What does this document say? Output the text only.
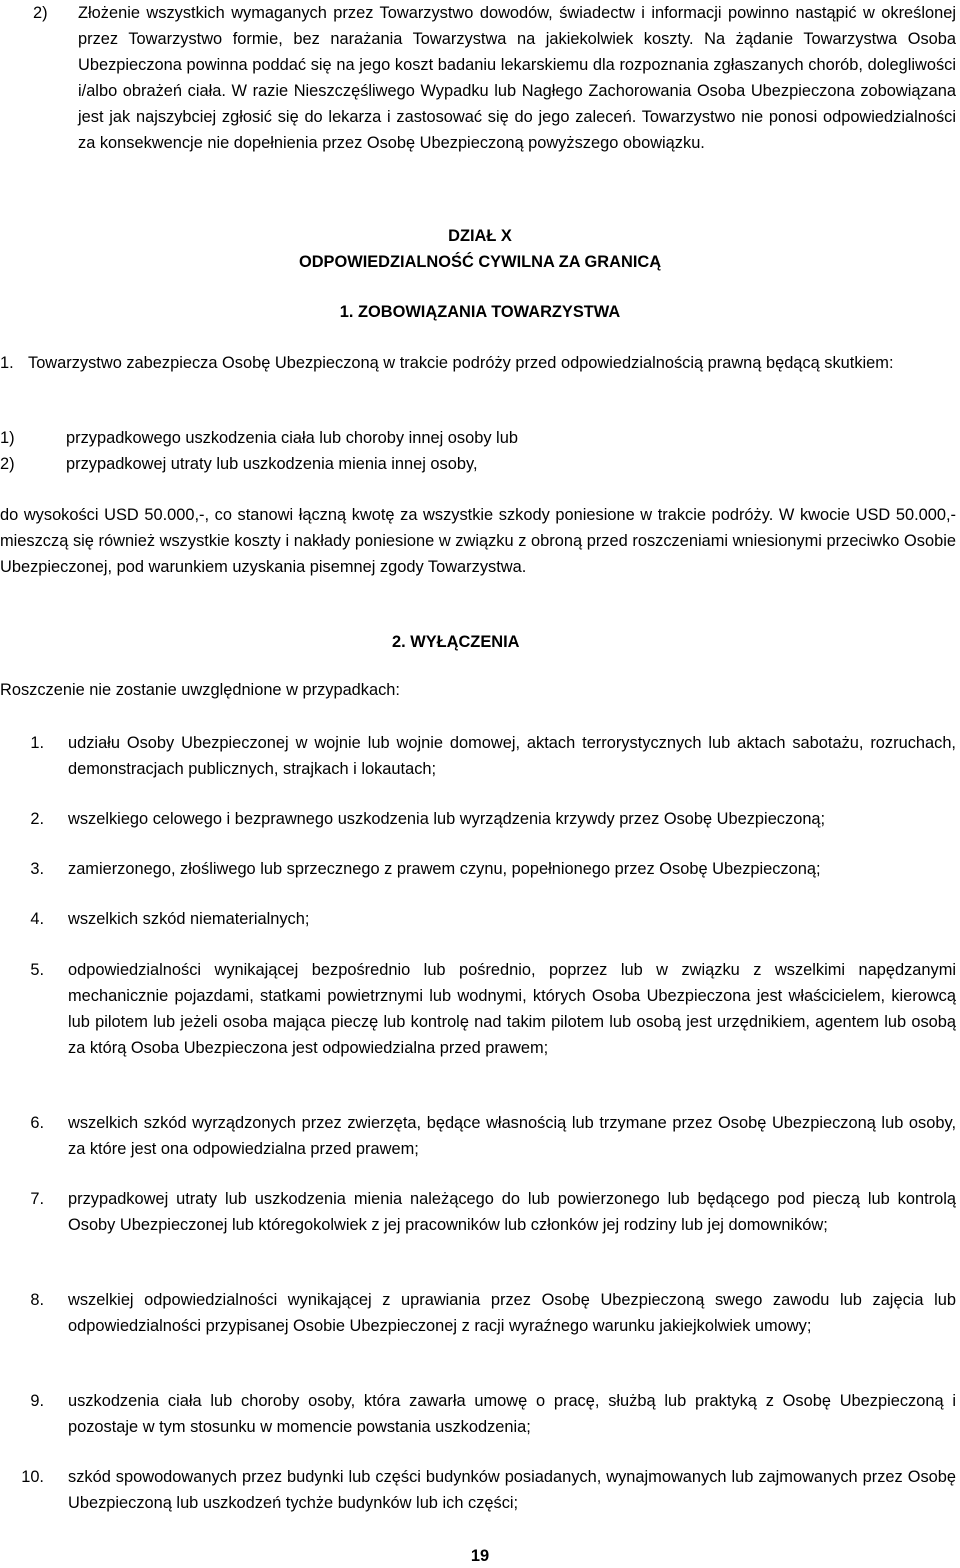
2) Złożenie wszystkich wymaganych przez Towarzystwo dowodów, świadectw i informacji powinno nastąpić w określonej przez Towarzystwo formie, bez narażania Towarzystwa na jakiekolwiek koszty. Na żądanie Towarzystwa Osoba Ubezpieczona powinna poddać się na jego koszt badaniu lekarskiemu dla rozpoznania zgłaszanych chorób, dolegliwości i/albo obrażeń ciała. W razie Nieszczęśliwego Wypadku lub Nagłego Zachorowania Osoba Ubezpieczona zobowiązana jest jak najszybciej zgłosić się do lekarza i zastosować się do jego zaleceń. Towarzystwo nie ponosi odpowiedzialności za konsekwencje nie dopełnienia przez Osobę Ubezpieczoną powyższego obowiązku.
DZIAŁ X
ODPOWIEDZIALNOŚĆ CYWILNA ZA GRANICĄ
1. ZOBOWIĄZANIA TOWARZYSTWA
1. Towarzystwo zabezpiecza Osobę Ubezpieczoną w trakcie podróży przed odpowiedzialnością prawną będącą skutkiem:

1)	przypadkowego uszkodzenia ciała lub choroby innej osoby lub
2)	przypadkowej utraty lub uszkodzenia mienia innej osoby,
do wysokości USD 50.000,-, co stanowi łączną kwotę za wszystkie szkody poniesione w trakcie podróży. W kwocie USD 50.000,- mieszczą się również wszystkie koszty i nakłady poniesione w związku z obroną przed roszczeniami wniesionymi przeciwko Osobie Ubezpieczonej, pod warunkiem uzyskania pisemnej zgody Towarzystwa.
2. WYŁĄCZENIA
Roszczenie nie zostanie uwzględnione w przypadkach:
1. udziału Osoby Ubezpieczonej w wojnie lub wojnie domowej, aktach terrorystycznych lub aktach sabotażu, rozruchach, demonstracjach publicznych, strajkach i lokautach;
2. wszelkiego celowego i bezprawnego uszkodzenia lub wyrządzenia krzywdy przez Osobę Ubezpieczoną;
3. zamierzonego, złośliwego lub sprzecznego z prawem czynu, popełnionego przez Osobę Ubezpieczoną;
4. wszelkich szkód niematerialnych;
5. odpowiedzialności wynikającej bezpośrednio lub pośrednio, poprzez lub w związku z wszelkimi napędzanymi mechanicznie pojazdami, statkami powietrznymi lub wodnymi, których Osoba Ubezpieczona jest właścicielem, kierowcą lub pilotem lub jeżeli osoba mająca pieczę lub kontrolę nad takim pilotem lub osobą jest urzędnikiem, agentem lub osobą za którą Osoba Ubezpieczona jest odpowiedzialna przed prawem;
6. wszelkich szkód wyrządzonych przez zwierzęta, będące własnością lub trzymane przez Osobę Ubezpieczoną lub osoby, za które jest ona odpowiedzialna przed prawem;
7. przypadkowej utraty lub uszkodzenia mienia należącego do lub powierzonego lub będącego pod pieczą lub kontrolą Osoby Ubezpieczonej lub któregokolwiek z jej pracowników lub członków jej rodziny lub jej domowników;
8. wszelkiej odpowiedzialności wynikającej z uprawiania przez Osobę Ubezpieczoną swego zawodu lub zajęcia lub odpowiedzialności przypisanej Osobie Ubezpieczonej z racji wyraźnego warunku jakiejkolwiek umowy;
9. uszkodzenia ciała lub choroby osoby, która zawarła umowę o pracę, służbą lub praktyką z Osobę Ubezpieczoną i pozostaje w tym stosunku w momencie powstania uszkodzenia;
10. szkód spowodowanych przez budynki lub części budynków posiadanych, wynajmowanych lub zajmowanych przez Osobę Ubezpieczoną lub uszkodzeń tychże budynków lub ich części;
19
